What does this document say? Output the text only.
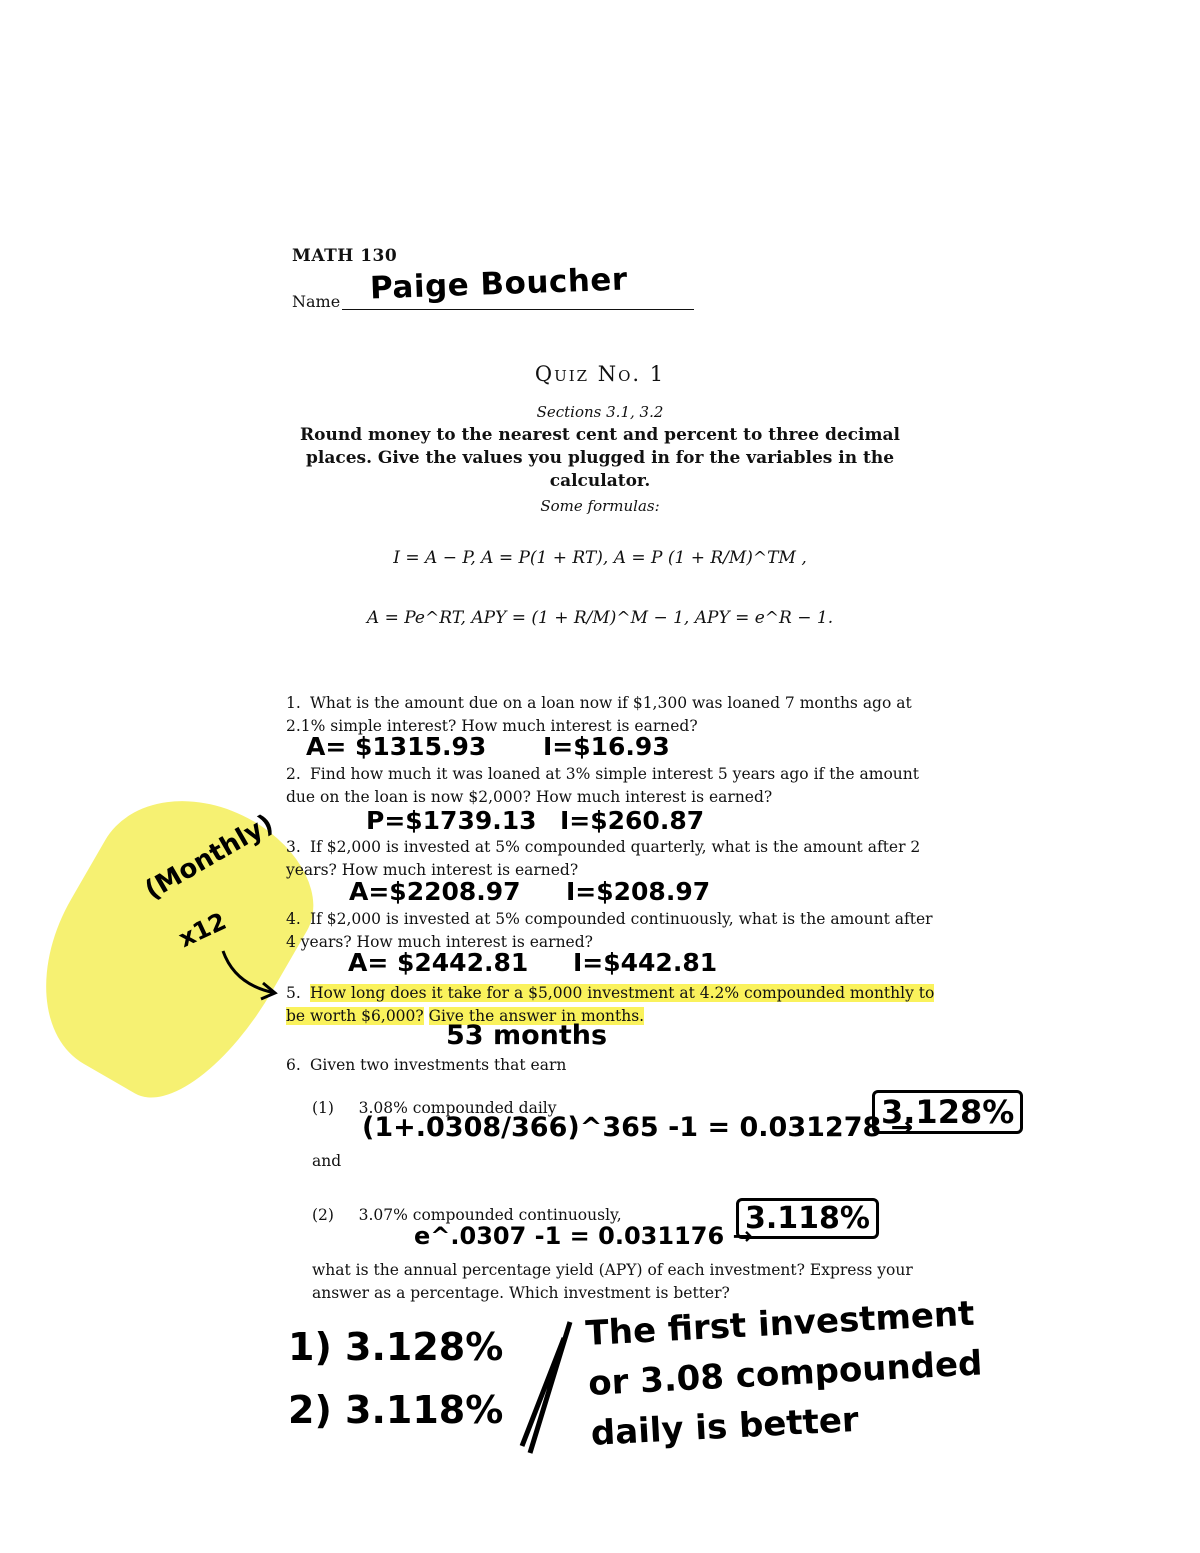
MATH 130
Name Paige Boucher
Quiz No. 1
Sections 3.1, 3.2
Round money to the nearest cent and percent to three decimal places. Give the values you plugged in for the variables in the calculator.
Some formulas:
I = A − P, A = P(1 + RT), A = P (1 + R/M)^TM ,
A = Pe^RT, APY = (1 + R/M)^M − 1, APY = e^R − 1.
1. What is the amount due on a loan now if $1,300 was loaned 7 months ago at 2.1% simple interest? How much interest is earned?
A= $1315.93 I=$16.93
2. Find how much it was loaned at 3% simple interest 5 years ago if the amount due on the loan is now $2,000? How much interest is earned?
P=$1739.13 I=$260.87
3. If $2,000 is invested at 5% compounded quarterly, what is the amount after 2 years? How much interest is earned?
A=$2208.97 I=$208.97
4. If $2,000 is invested at 5% compounded continuously, what is the amount after 4 years? How much interest is earned?
A= $2442.81 I=$442.81
5. How long does it take for a $5,000 investment at 4.2% compounded monthly to be worth $6,000? Give the answer in months.
53 months
(Monthly)
x12
6. Given two investments that earn
(1) 3.08% compounded daily
and
(1+.0308/366)^365 -1 = 0.031278 →
3.128%
(2) 3.07% compounded continuously,
e^.0307 -1 = 0.031176 →
3.118%
what is the annual percentage yield (APY) of each investment? Express your answer as a percentage. Which investment is better?
1) 3.128%
2) 3.118%
The first investment or 3.08 compounded daily is better
